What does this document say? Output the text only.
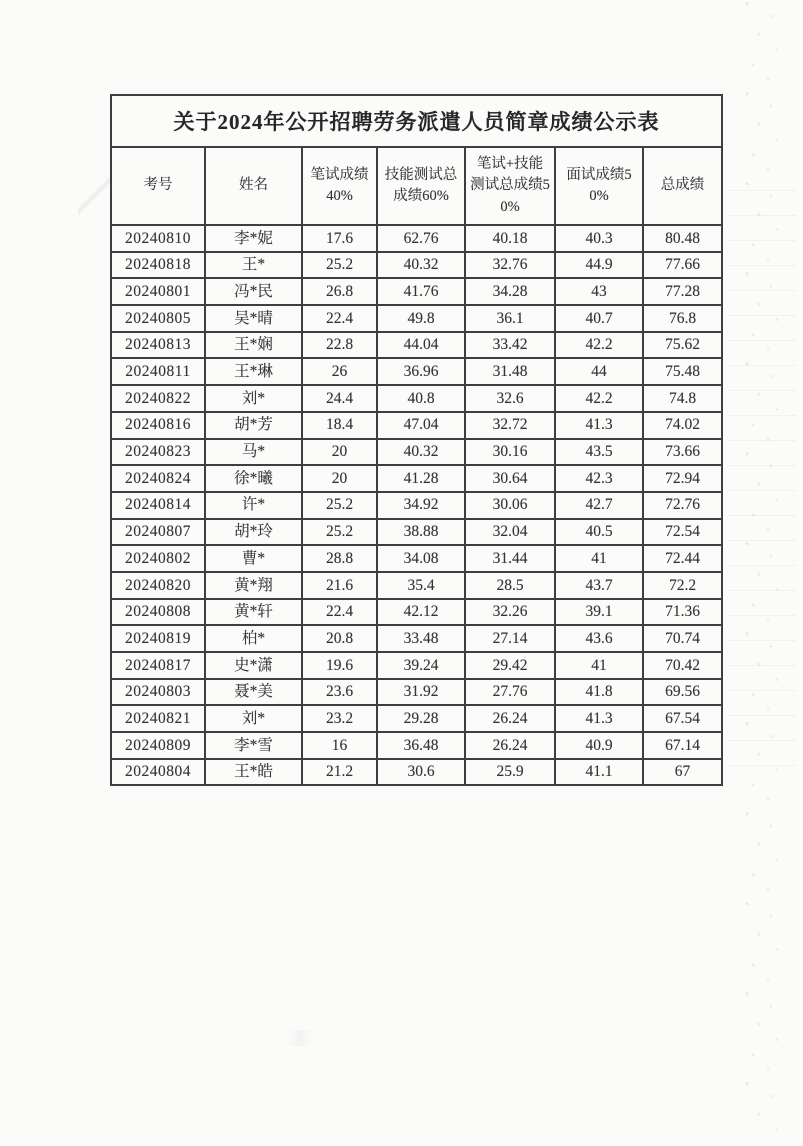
关于2024年公开招聘劳务派遣人员简章成绩公示表						
考号	姓名	笔试成绩40%	技能测试总成绩60%	笔试+技能测试总成绩50%	面试成绩50%	总成绩
20240810	李*妮	17.6	62.76	40.18	40.3	80.48
20240818	王*	25.2	40.32	32.76	44.9	77.66
20240801	冯*民	26.8	41.76	34.28	43	77.28
20240805	吴*晴	22.4	49.8	36.1	40.7	76.8
20240813	王*娴	22.8	44.04	33.42	42.2	75.62
20240811	王*琳	26	36.96	31.48	44	75.48
20240822	刘*	24.4	40.8	32.6	42.2	74.8
20240816	胡*芳	18.4	47.04	32.72	41.3	74.02
20240823	马*	20	40.32	30.16	43.5	73.66
20240824	徐*曦	20	41.28	30.64	42.3	72.94
20240814	许*	25.2	34.92	30.06	42.7	72.76
20240807	胡*玲	25.2	38.88	32.04	40.5	72.54
20240802	曹*	28.8	34.08	31.44	41	72.44
20240820	黄*翔	21.6	35.4	28.5	43.7	72.2
20240808	黄*轩	22.4	42.12	32.26	39.1	71.36
20240819	柏*	20.8	33.48	27.14	43.6	70.74
20240817	史*潇	19.6	39.24	29.42	41	70.42
20240803	聂*美	23.6	31.92	27.76	41.8	69.56
20240821	刘*	23.2	29.28	26.24	41.3	67.54
20240809	李*雪	16	36.48	26.24	40.9	67.14
20240804	王*皓	21.2	30.6	25.9	41.1	67
